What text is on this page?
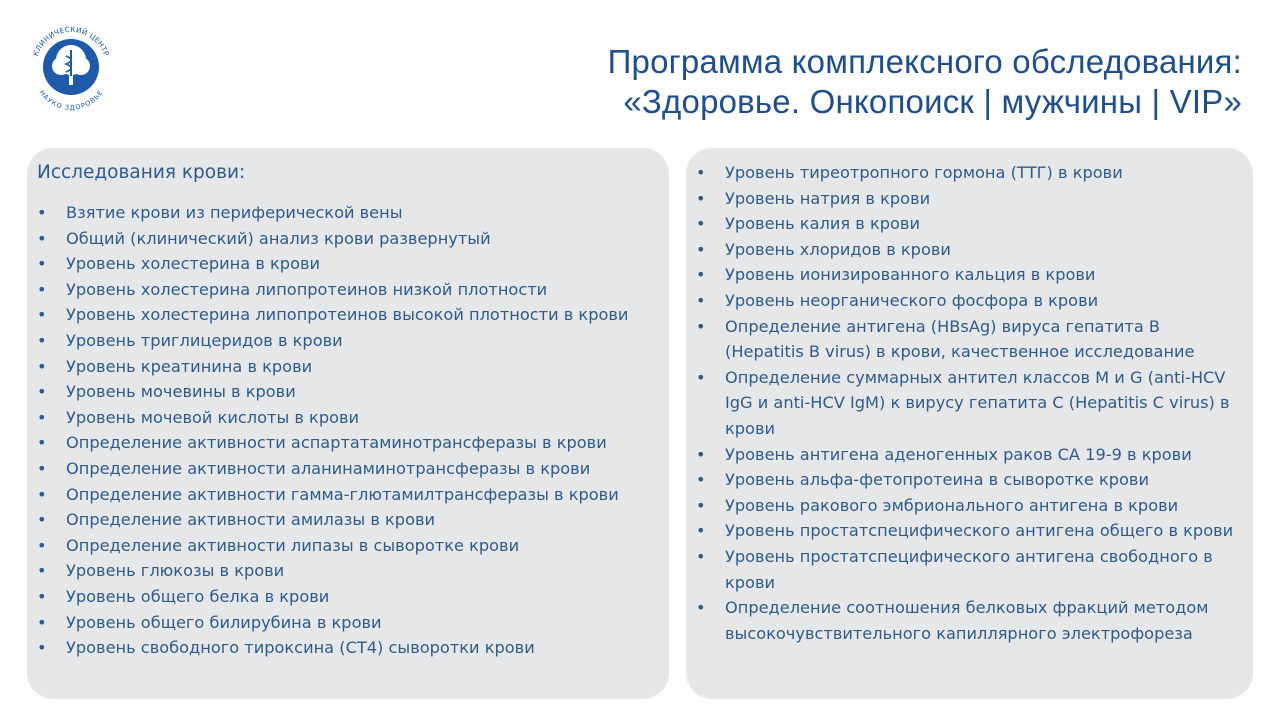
КЛИНИЧЕСКИЙ ЦЕНТР
НАУКО ЗДОРОВЬЕ
Программа комплексного обследования:
«Здоровье. Онкопоиск | мужчины | VIP»
Исследования крови:
• Взятие крови из периферической вены
• Общий (клинический) анализ крови развернутый
• Уровень холестерина в крови
• Уровень холестерина липопротеинов низкой плотности
• Уровень холестерина липопротеинов высокой плотности в крови
• Уровень триглицеридов в крови
• Уровень креатинина в крови
• Уровень мочевины в крови
• Уровень мочевой кислоты в крови
• Определение активности аспартатаминотрансферазы в крови
• Определение активности аланинаминотрансферазы в крови
• Определение активности гамма-глютамилтрансферазы в крови
• Определение активности амилазы в крови
• Определение активности липазы в сыворотке крови
• Уровень глюкозы в крови
• Уровень общего белка в крови
• Уровень общего билирубина в крови
• Уровень свободного тироксина (СТ4) сыворотки крови
• Уровень тиреотропного гормона (ТТГ) в крови
• Уровень натрия в крови
• Уровень калия в крови
• Уровень хлоридов в крови
• Уровень ионизированного кальция в крови
• Уровень неорганического фосфора в крови
• Определение антигена (HBsAg) вируса гепатита B (Hepatitis B virus) в крови, качественное исследование
• Определение суммарных антител классов M и G (anti-HCV IgG и anti-HCV IgM) к вирусу гепатита C (Hepatitis C virus) в крови
• Уровень антигена аденогенных раков CA 19-9 в крови
• Уровень альфа-фетопротеина в сыворотке крови
• Уровень ракового эмбрионального антигена в крови
• Уровень простатспецифического антигена общего в крови
• Уровень простатспецифического антигена свободного в крови
• Определение соотношения белковых фракций методом высокочувствительного капиллярного электрофореза
